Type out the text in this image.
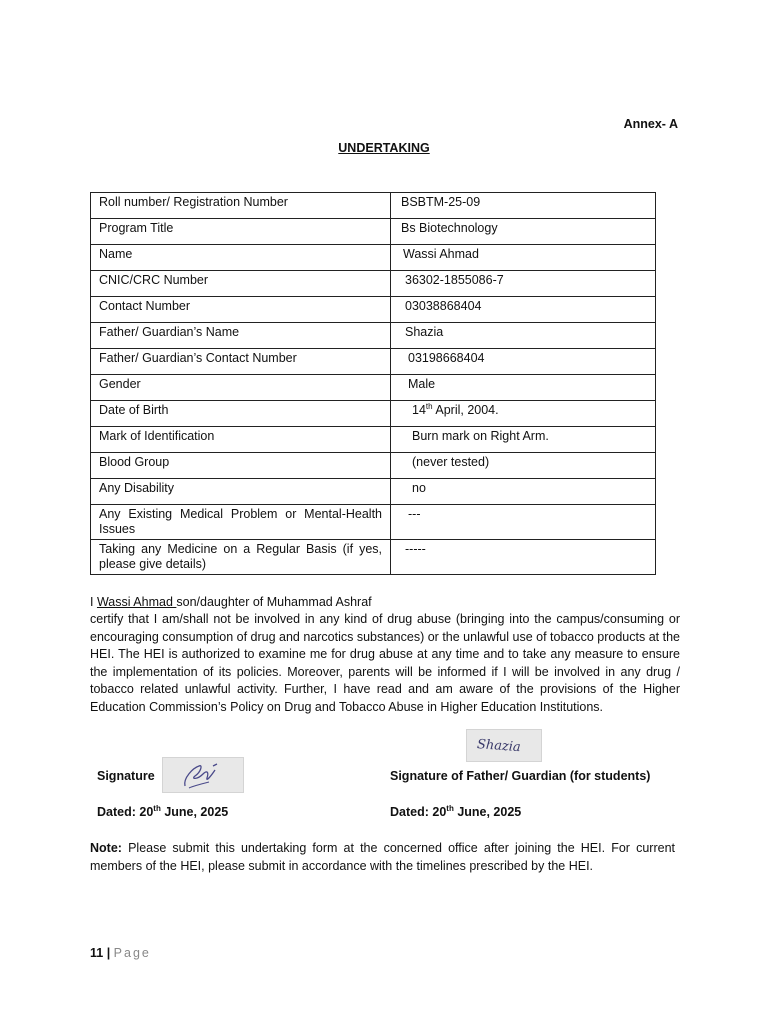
Annex- A
UNDERTAKING
Roll number/ Registration Number	BSBTM-25-09
Program Title	Bs Biotechnology
Name	Wassi Ahmad
CNIC/CRC Number	36302-1855086-7
Contact Number	03038868404
Father/ Guardian’s Name	Shazia
Father/ Guardian’s Contact Number	03198668404
Gender	Male
Date of Birth	14th April, 2004.
Mark of Identification	Burn mark on Right Arm.
Blood Group	(never tested)
Any Disability	no
Any Existing Medical Problem or Mental-Health Issues	---
Taking any Medicine on a Regular Basis (if yes, please give details)	-----
I Wassi Ahmad son/daughter of Muhammad Ashraf
certify that I am/shall not be involved in any kind of drug abuse (bringing into the campus/consuming or encouraging consumption of drug and narcotics substances) or the unlawful use of tobacco products at the HEI. The HEI is authorized to examine me for drug abuse at any time and to take any measure to ensure the implementation of its policies. Moreover, parents will be informed if I will be involved in any drug / tobacco related unlawful activity. Further, I have read and am aware of the provisions of the Higher Education Commission’s Policy on Drug and Tobacco Abuse in Higher Education Institutions.
Shazia
Signature	Signature of Father/ Guardian (for students)
Dated: 20th June, 2025	Dated: 20th June, 2025
Note: Please submit this undertaking form at the concerned office after joining the HEI. For current members of the HEI, please submit in accordance with the timelines prescribed by the HEI.
11 | Page
